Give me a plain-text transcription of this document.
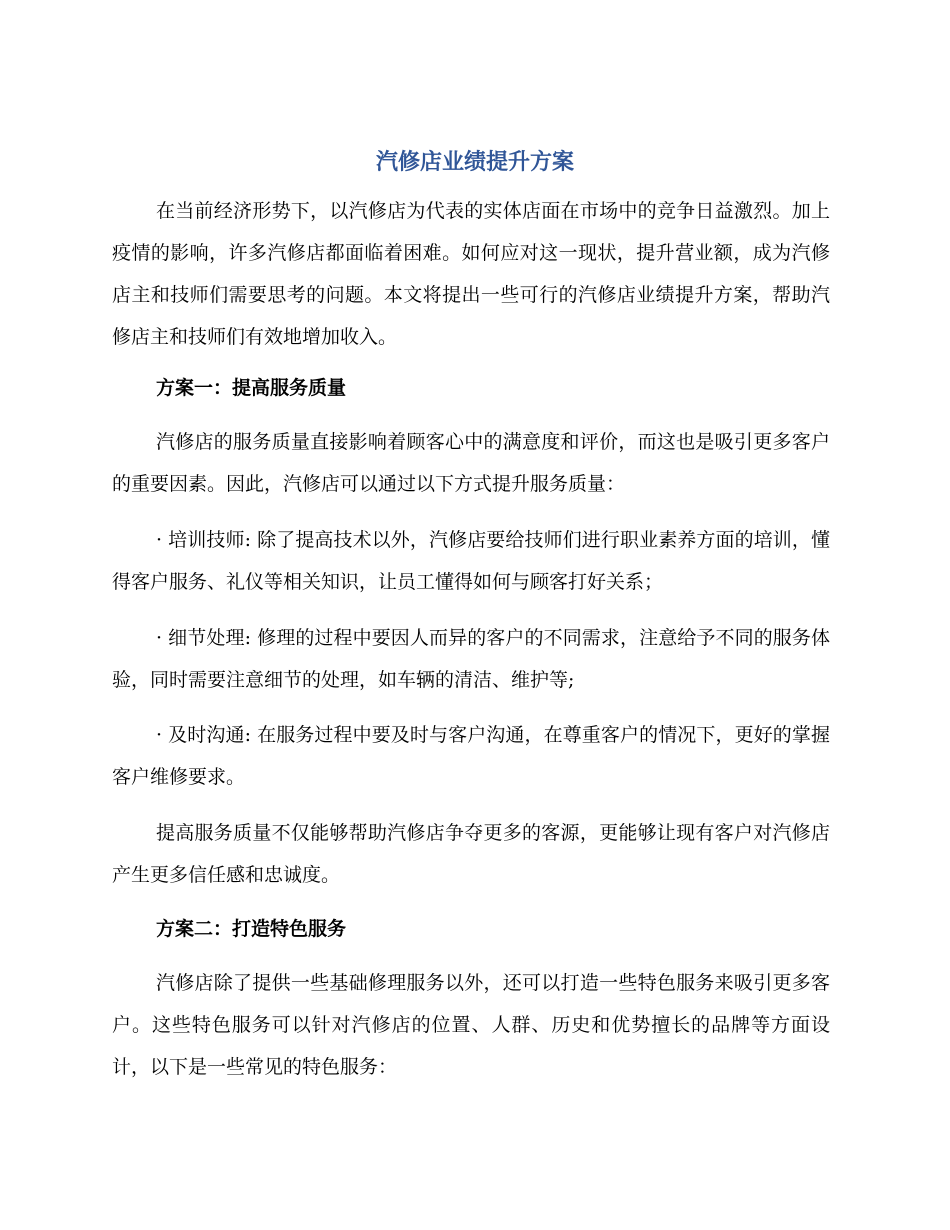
汽修店业绩提升方案

在当前经济形势下，以汽修店为代表的实体店面在市场中的竞争日益激烈。加上疫情的影响，许多汽修店都面临着困难。如何应对这一现状，提升营业额，成为汽修店主和技师们需要思考的问题。本文将提出一些可行的汽修店业绩提升方案，帮助汽修店主和技师们有效地增加收入。

方案一：提高服务质量

汽修店的服务质量直接影响着顾客心中的满意度和评价，而这也是吸引更多客户的重要因素。因此，汽修店可以通过以下方式提升服务质量：

· 培训技师: 除了提高技术以外，汽修店要给技师们进行职业素养方面的培训，懂得客户服务、礼仪等相关知识，让员工懂得如何与顾客打好关系；

· 细节处理: 修理的过程中要因人而异的客户的不同需求，注意给予不同的服务体验，同时需要注意细节的处理，如车辆的清洁、维护等;

· 及时沟通: 在服务过程中要及时与客户沟通，在尊重客户的情况下，更好的掌握客户维修要求。

提高服务质量不仅能够帮助汽修店争夺更多的客源，更能够让现有客户对汽修店产生更多信任感和忠诚度。

方案二：打造特色服务

汽修店除了提供一些基础修理服务以外，还可以打造一些特色服务来吸引更多客户。这些特色服务可以针对汽修店的位置、人群、历史和优势擅长的品牌等方面设计，以下是一些常见的特色服务：
